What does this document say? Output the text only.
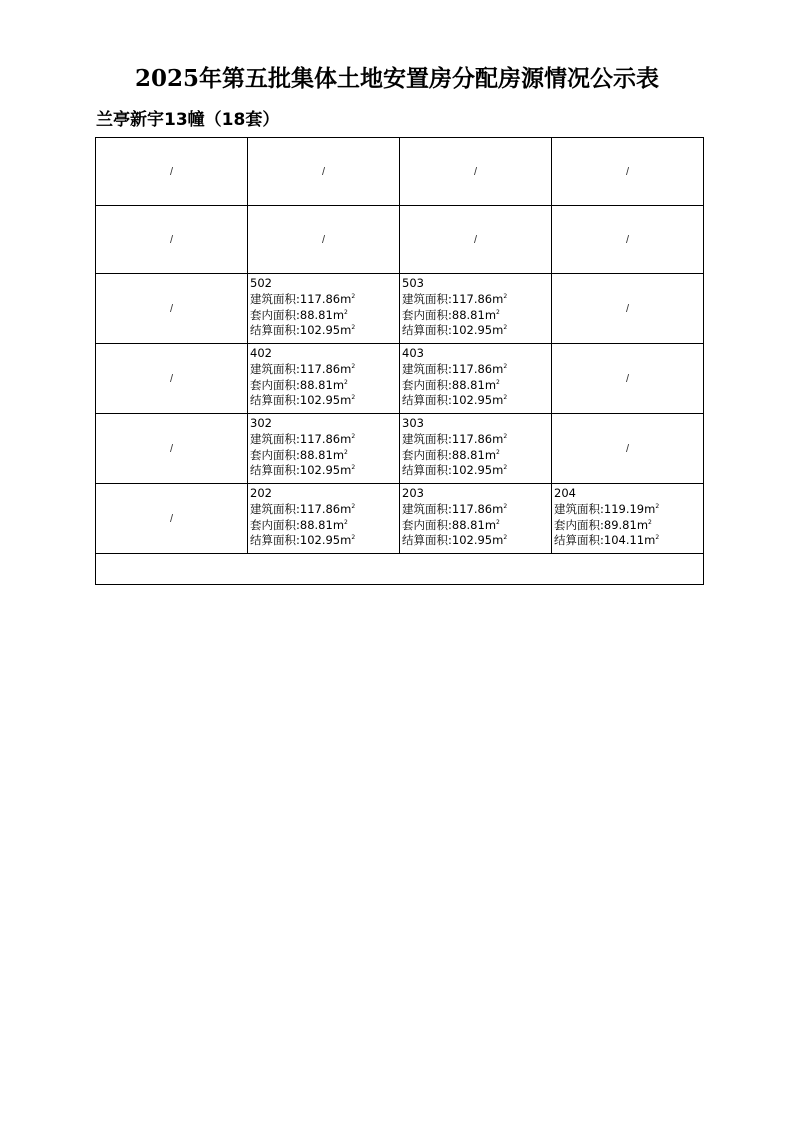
2025年第五批集体土地安置房分配房源情况公示表
兰亭新宇13幢（18套）
/	/	/	/
/	/	/	/
/	502
建筑面积$:117.86m^2$
套内面积$:88.81m^2$
结算面积$:102.95m^2$	503
建筑面积$:117.86m^2$
套内面积$:88.81m^2$
结算面积$:102.95m^2$	/
/	402
建筑面积$:117.86m^2$
套内面积$:88.81m^2$
结算面积$:102.95m^2$	403
建筑面积$:117.86m^2$
套内面积$:88.81m^2$
结算面积$:102.95m^2$	/
/	302
建筑面积$:117.86m^2$
套内面积$:88.81m^2$
结算面积$:102.95m^2$	303
建筑面积$:117.86m^2$
套内面积$:88.81m^2$
结算面积$:102.95m^2$	/
/	202
建筑面积$:117.86m^2$
套内面积$:88.81m^2$
结算面积$:102.95m^2$	203
建筑面积$:117.86m^2$
套内面积$:88.81m^2$
结算面积$:102.95m^2$	204
建筑面积$:119.19m^2$
套内面积$:89.81m^2$
结算面积$:104.11m^2$
